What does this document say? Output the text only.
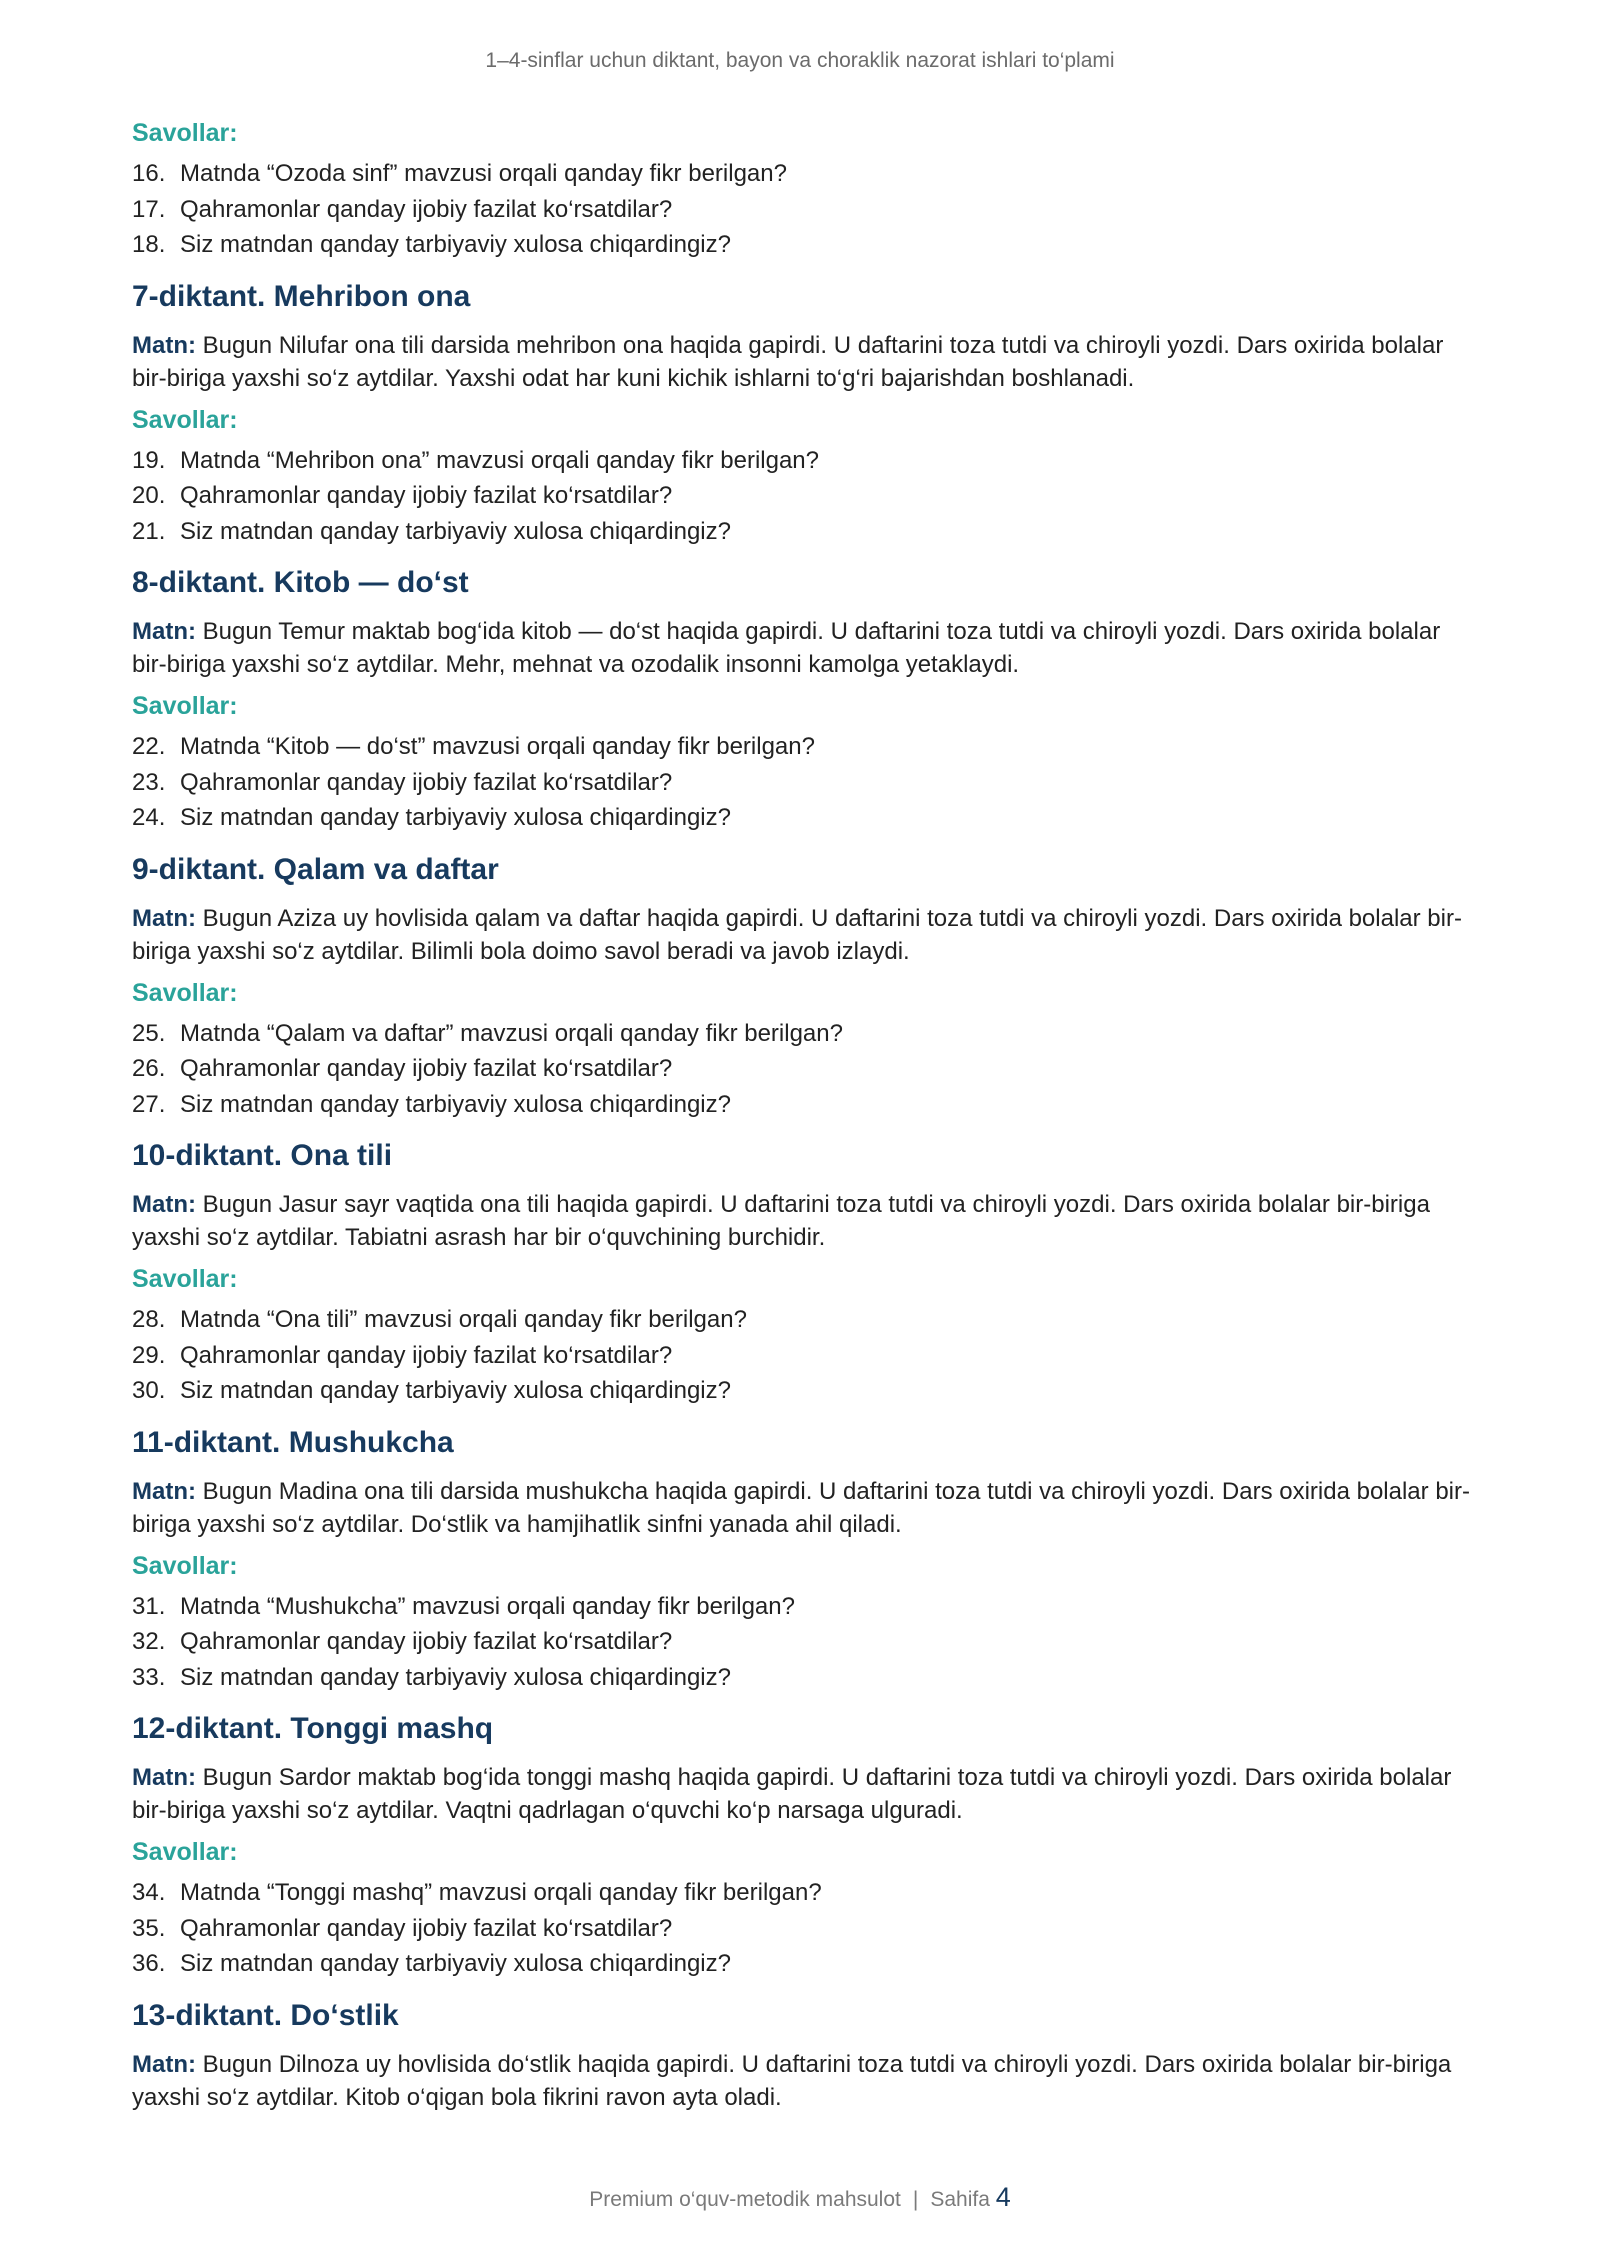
1–4-sinflar uchun diktant, bayon va choraklik nazorat ishlari to‘plami
Savollar:
16. Matnda “Ozoda sinf” mavzusi orqali qanday fikr berilgan?
17. Qahramonlar qanday ijobiy fazilat ko‘rsatdilar?
18. Siz matndan qanday tarbiyaviy xulosa chiqardingiz?
7-diktant. Mehribon ona

Matn: Bugun Nilufar ona tili darsida mehribon ona haqida gapirdi. U daftarini toza tutdi va chiroyli yozdi. Dars oxirida bolalar bir-biriga yaxshi so‘z aytdilar. Yaxshi odat har kuni kichik ishlarni to‘g‘ri bajarishdan boshlanadi.

Savollar:
19. Matnda “Mehribon ona” mavzusi orqali qanday fikr berilgan?
20. Qahramonlar qanday ijobiy fazilat ko‘rsatdilar?
21. Siz matndan qanday tarbiyaviy xulosa chiqardingiz?
8-diktant. Kitob — do‘st

Matn: Bugun Temur maktab bog‘ida kitob — do‘st haqida gapirdi. U daftarini toza tutdi va chiroyli yozdi. Dars oxirida bolalar bir-biriga yaxshi so‘z aytdilar. Mehr, mehnat va ozodalik insonni kamolga yetaklaydi.

Savollar:
22. Matnda “Kitob — do‘st” mavzusi orqali qanday fikr berilgan?
23. Qahramonlar qanday ijobiy fazilat ko‘rsatdilar?
24. Siz matndan qanday tarbiyaviy xulosa chiqardingiz?
9-diktant. Qalam va daftar

Matn: Bugun Aziza uy hovlisida qalam va daftar haqida gapirdi. U daftarini toza tutdi va chiroyli yozdi. Dars oxirida bolalar bir-biriga yaxshi so‘z aytdilar. Bilimli bola doimo savol beradi va javob izlaydi.

Savollar:
25. Matnda “Qalam va daftar” mavzusi orqali qanday fikr berilgan?
26. Qahramonlar qanday ijobiy fazilat ko‘rsatdilar?
27. Siz matndan qanday tarbiyaviy xulosa chiqardingiz?
10-diktant. Ona tili

Matn: Bugun Jasur sayr vaqtida ona tili haqida gapirdi. U daftarini toza tutdi va chiroyli yozdi. Dars oxirida bolalar bir-biriga yaxshi so‘z aytdilar. Tabiatni asrash har bir o‘quvchining burchidir.

Savollar:
28. Matnda “Ona tili” mavzusi orqali qanday fikr berilgan?
29. Qahramonlar qanday ijobiy fazilat ko‘rsatdilar?
30. Siz matndan qanday tarbiyaviy xulosa chiqardingiz?
11-diktant. Mushukcha

Matn: Bugun Madina ona tili darsida mushukcha haqida gapirdi. U daftarini toza tutdi va chiroyli yozdi. Dars oxirida bolalar bir-biriga yaxshi so‘z aytdilar. Do‘stlik va hamjihatlik sinfni yanada ahil qiladi.

Savollar:
31. Matnda “Mushukcha” mavzusi orqali qanday fikr berilgan?
32. Qahramonlar qanday ijobiy fazilat ko‘rsatdilar?
33. Siz matndan qanday tarbiyaviy xulosa chiqardingiz?
12-diktant. Tonggi mashq

Matn: Bugun Sardor maktab bog‘ida tonggi mashq haqida gapirdi. U daftarini toza tutdi va chiroyli yozdi. Dars oxirida bolalar bir-biriga yaxshi so‘z aytdilar. Vaqtni qadrlagan o‘quvchi ko‘p narsaga ulguradi.

Savollar:
34. Matnda “Tonggi mashq” mavzusi orqali qanday fikr berilgan?
35. Qahramonlar qanday ijobiy fazilat ko‘rsatdilar?
36. Siz matndan qanday tarbiyaviy xulosa chiqardingiz?
13-diktant. Do‘stlik

Matn: Bugun Dilnoza uy hovlisida do‘stlik haqida gapirdi. U daftarini toza tutdi va chiroyli yozdi. Dars oxirida bolalar bir-biriga yaxshi so‘z aytdilar. Kitob o‘qigan bola fikrini ravon ayta oladi.

Premium o‘quv-metodik mahsulot | Sahifa 4
